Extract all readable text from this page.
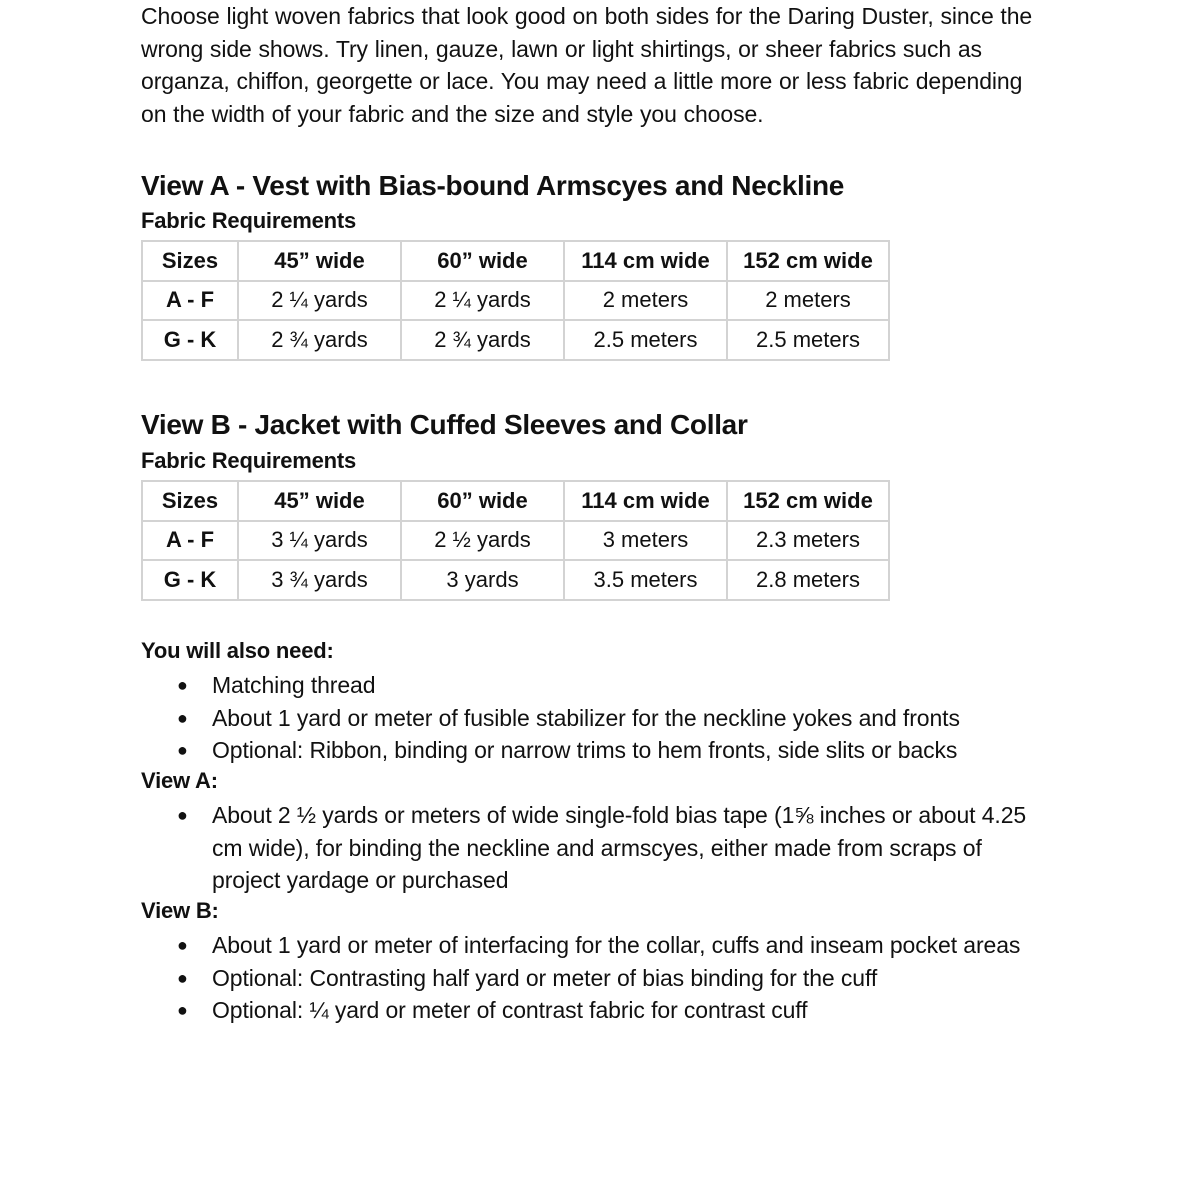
Choose light woven fabrics that look good on both sides for the Daring Duster, since the
wrong side shows. Try linen, gauze, lawn or light shirtings, or sheer fabrics such as
organza, chiffon, georgette or lace. You may need a little more or less fabric depending
on the width of your fabric and the size and style you choose.

View A - Vest with Bias-bound Armscyes and Neckline
Fabric Requirements
Sizes	45” wide	60” wide	114 cm wide	152 cm wide
A - F	2 ¼ yards	2 ¼ yards	2 meters	2 meters
G - K	2 ¾ yards	2 ¾ yards	2.5 meters	2.5 meters
View B - Jacket with Cuffed Sleeves and Collar
Fabric Requirements
Sizes	45” wide	60” wide	114 cm wide	152 cm wide
A - F	3 ¼ yards	2 ½ yards	3 meters	2.3 meters
G - K	3 ¾ yards	3 yards	3.5 meters	2.8 meters
You will also need:
● Matching thread
● About 1 yard or meter of fusible stabilizer for the neckline yokes and fronts
● Optional: Ribbon, binding or narrow trims to hem fronts, side slits or backs
View A:
● About 2 ½ yards or meters of wide single-fold bias tape (1⅝ inches or about 4.25
cm wide), for binding the neckline and armscyes, either made from scraps of
project yardage or purchased
View B:
● About 1 yard or meter of interfacing for the collar, cuffs and inseam pocket areas
● Optional: Contrasting half yard or meter of bias binding for the cuff
● Optional: ¼ yard or meter of contrast fabric for contrast cuff
